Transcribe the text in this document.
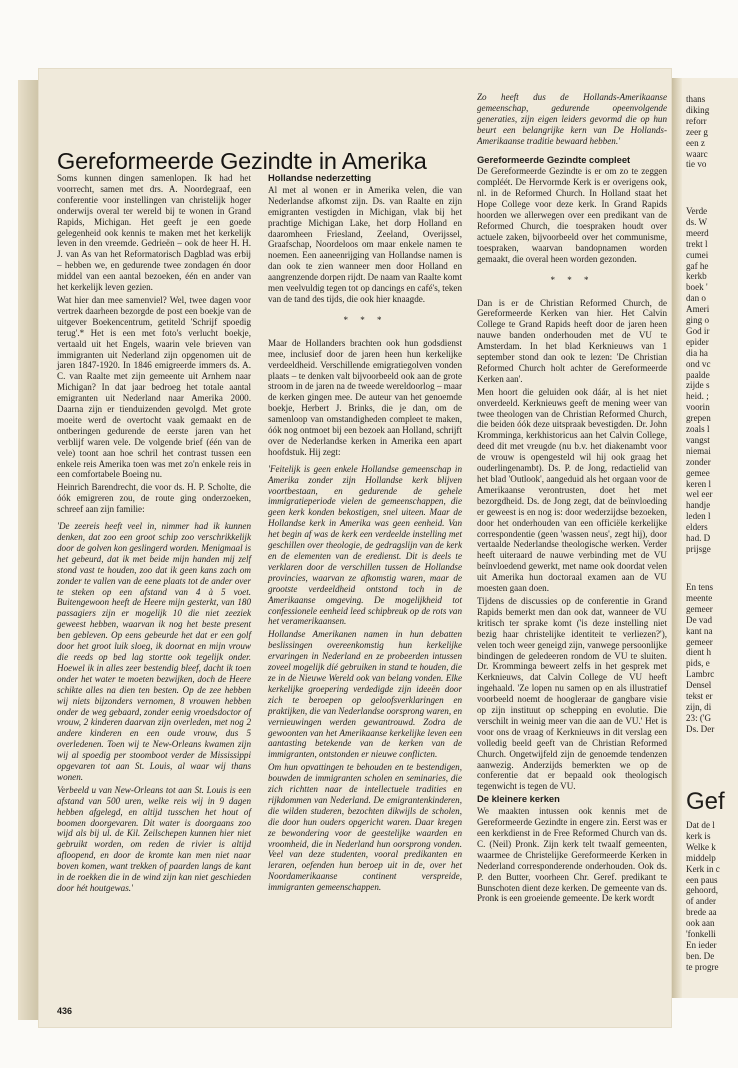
Gereformeerde Gezindte in Amerika

Soms kunnen dingen samenlopen. Ik had het voorrecht, samen met drs. A. Noordegraaf, een conferentie voor instellingen van christelijk hoger onderwijs overal ter wereld bij te wonen in Grand Rapids, Michigan. Het geeft je een goede gelegenheid ook kennis te maken met het kerkelijk leven in den vreemde. Gedrieën – ook de heer H. H. J. van As van het Reformatorisch Dagblad was erbij – hebben we, en gedurende twee zondagen én door middel van een aantal bezoeken, één en ander van het kerkelijk leven gezien.

Wat hier dan mee samenviel? Wel, twee dagen voor vertrek daarheen bezorgde de post een boekje van de uitgever Boekencentrum, getiteld 'Schrijf spoedig terug'.* Het is een met foto's verlucht boekje, vertaald uit het Engels, waarin vele brieven van immigranten uit Nederland zijn opgenomen uit de jaren 1847-1920. In 1846 emigreerde immers ds. A. C. van Raalte met zijn gemeente uit Arnhem naar Michigan? In dat jaar bedroeg het totale aantal emigranten uit Nederland naar Amerika 2000. Daarna zijn er tienduizenden gevolgd. Met grote moeite werd de overtocht vaak gemaakt en de ontberingen gedurende de eerste jaren van het verblijf waren vele. De volgende brief (één van de vele) toont aan hoe schril het contrast tussen een enkele reis Amerika toen was met zo'n enkele reis in een comfortabele Boeing nu.

Heinrich Barendrecht, die voor ds. H. P. Scholte, die óók emigreren zou, de route ging onderzoeken, schreef aan zijn familie:

'De zeereis heeft veel in, nimmer had ik kunnen denken, dat zoo een groot schip zoo verschrikkelijk door de golven kon geslingerd worden. Menigmaal is het gebeurd, dat ik met beide mijn handen mij zelf stond vast te houden, zoo dat ik geen kans zach om zonder te vallen van de eene plaats tot de ander over te steken op een afstand van 4 à 5 voet. Buitengewoon heeft de Heere mijn gesterkt, van 180 passagiers zijn er mogelijk 10 die niet zeeziek geweest hebben, waarvan ik nog het beste present ben gebleven. Op eens gebeurde het dat er een golf door het groot luik sloeg, ik doornat en mijn vrouw die reeds op bed lag stortte ook tegelijk onder. Hoewel ik in alles zeer bestendig bleef, dacht ik toen onder het water te moeten bezwijken, doch de Heere schikte alles na dien ten besten. Op de zee hebben wij niets bijzonders vernomen, 8 vrouwen hebben onder de weg gebaard, zonder eenig vroedsdoctor of vrouw, 2 kinderen daarvan zijn overleden, met nog 2 andere kinderen en een oude vrouw, dus 5 overledenen. Toen wij te New-Orleans kwamen zijn wij al spoedig per stoomboot verder de Mississippi opgevaren tot aan St. Louis, al waar wij thans wonen.

Verbeeld u van New-Orleans tot aan St. Louis is een afstand van 500 uren, welke reis wij in 9 dagen hebben afgelegd, en altijd tusschen het hout of boomen doorgevaren. Dit water is doorgaans zoo wijd als bij ul. de Kil. Zeilschepen kunnen hier niet gebruikt worden, om reden de rivier is altijd afloopend, en door de kromte kan men niet naar boven komen, want trekken of paarden langs de kant in de roekken die in de wind zijn kan niet geschieden door hét houtgewas.'

Hollandse nederzetting

Al met al wonen er in Amerika velen, die van Nederlandse afkomst zijn. Ds. van Raalte en zijn emigranten vestigden in Michigan, vlak bij het prachtige Michigan Lake, het dorp Holland en daaromheen Friesland, Zeeland, Overijssel, Graafschap, Noordeloos om maar enkele namen te noemen. Een aaneenrijging van Hollandse namen is dan ook te zien wanneer men door Holland en aangrenzende dorpen rijdt. De naam van Raalte komt men veelvuldig tegen tot op dancings en café's, teken van de tand des tijds, die ook hier knaagde.

* * *

Maar de Hollanders brachten ook hun godsdienst mee, inclusief door de jaren heen hun kerkelijke verdeeldheid. Verschillende emigratiegolven vonden plaats – te denken valt bijvoorbeeld ook aan de grote stroom in de jaren na de tweede wereldoorlog – maar de kerken gingen mee. De auteur van het genoemde boekje, Herbert J. Brinks, die je dan, om de samenloop van omstandigheden compleet te maken, óók nog ontmoet bij een bezoek aan Holland, schrijft over de Nederlandse kerken in Amerika een apart hoofdstuk. Hij zegt:

'Feitelijk is geen enkele Hollandse gemeenschap in Amerika zonder zijn Hollandse kerk blijven voortbestaan, en gedurende de gehele immigratieperiode vielen de gemeenschappen, die geen kerk konden bekostigen, snel uiteen. Maar de Hollandse kerk in Amerika was geen eenheid. Van het begin af was de kerk een verdeelde instelling met geschillen over theologie, de gedragslijn van de kerk en de elementen van de eredienst. Dit is deels te verklaren door de verschillen tussen de Hollandse provincies, waarvan ze afkomstig waren, maar de grootste verdeeldheid ontstond toch in de Amerikaanse omgeving. De mogelijkheid tot confessionele eenheid leed schipbreuk op de rots van het veramerikaansen.

Hollandse Amerikanen namen in hun debatten beslissingen overeenkomstig hun kerkelijke ervaringen in Nederland en ze probeerden intussen zoveel mogelijk díé gebruiken in stand te houden, die ze in de Nieuwe Wereld ook van belang vonden. Elke kerkelijke groepering verdedigde zijn ideeën door zich te beroepen op geloofsverklaringen en praktijken, die van Nederlandse oorsprong waren, en vernieuwingen werden gewantrouwd. Zodra de gewoonten van het Amerikaanse kerkelijke leven een aantasting betekende van de kerken van de immigranten, ontstonden er nieuwe conflicten.

Om hun opvattingen te behouden en te bestendigen, bouwden de immigranten scholen en seminaries, die zich richtten naar de intellectuele tradities en rijkdommen van Nederland. De emigrantenkinderen, die wilden studeren, bezochten dikwijls de scholen, die door hun ouders opgericht waren. Daar kregen ze bewondering voor de geestelijke waarden en vroomheid, die in Nederland hun oorsprong vonden. Veel van deze studenten, vooral predikanten en leraren, oefenden hun beroep uit in de, over het Noordamerikaanse continent verspreide, immigranten gemeenschappen.

Zo heeft dus de Hollands-Amerikaanse gemeenschap, gedurende opeenvolgende generaties, zijn eigen leiders gevormd die op hun beurt een belangrijke kern van De Hollands-Amerikaanse traditie bewaard hebben.'

Gereformeerde Gezindte compleet

De Gereformeerde Gezindte is er om zo te zeggen compléét. De Hervormde Kerk is er overigens ook, nl. in de Reformed Church. In Holland staat het Hope College voor deze kerk. In Grand Rapids hoorden we allerwegen over een predikant van de Reformed Church, die toespraken houdt over actuele zaken, bijvoorbeeld over het communisme, toespraken, waarvan bandopnamen worden gemaakt, die overal heen worden gezonden.

* * *

Dan is er de Christian Reformed Church, de Gereformeerde Kerken van hier. Het Calvin College te Grand Rapids heeft door de jaren heen nauwe banden onderhouden met de VU te Amsterdam. In het blad Kerknieuws van 1 september stond dan ook te lezen: 'De Christian Reformed Church holt achter de Gereformeerde Kerken aan'.

Men hoort die geluiden ook dáár, al is het niet onverdeeld. Kerknieuws geeft de mening weer van twee theologen van de Christian Reformed Church, die beiden óók deze uitspraak bevestigden. Dr. John Kromminga, kerkhistoricus aan het Calvin College, deed dit met vreugde (nu b.v. het diakenambt voor de vrouw is opengesteld wil hij ook graag het ouderlingenambt). Ds. P. de Jong, redactielid van het blad 'Outlook', aangeduid als het orgaan voor de Amerikaanse verontrusten, doet het met bezorgdheid. Ds. de Jong zegt, dat de beïnvloeding er geweest is en nog is: door wederzijdse bezoeken, door het onderhouden van een officiële kerkelijke correspondentie (geen 'wassen neus', zegt hij), door vertaalde Nederlandse theologische werken. Verder heeft uiteraard de nauwe verbinding met de VU beïnvloedend gewerkt, met name ook doordat velen uit Amerika hun doctoraal examen aan de VU moesten gaan doen.

Tijdens de discussies op de conferentie in Grand Rapids bemerkt men dan ook dat, wanneer de VU kritisch ter sprake komt ('is deze instelling niet bezig haar christelijke identiteit te verliezen?'), velen toch weer geneigd zijn, vanwege persoonlijke bindingen de geledeeren rondom de VU te sluiten. Dr. Kromminga beweert zelfs in het gesprek met Kerknieuws, dat Calvin College de VU heeft ingehaald. 'Ze lopen nu samen op en als illustratief voorbeeld noemt de hoogleraar de gangbare visie op zijn instituut op schepping en evolutie. Die verschilt in weinig meer van die aan de VU.' Het is voor ons de vraag of Kerknieuws in dit verslag een volledig beeld geeft van de Christian Reformed Church. Ongetwijfeld zijn de genoemde tendenzen aanwezig. Anderzijds bemerkten we op de conferentie dat er bepaald ook theologisch tegenwicht is tegen de VU.

De kleinere kerken

We maakten intussen ook kennis met de Gereformeerde Gezindte in engere zin. Eerst was er een kerkdienst in de Free Reformed Church van ds. C. (Neil) Pronk. Zijn kerk telt twaalf gemeenten, waarmee de Christelijke Gereformeerde Kerken in Nederland corresponderende onderhouden. Ook ds. P. den Butter, voorheen Chr. Geref. predikant te Bunschoten dient deze kerken. De gemeente van ds. Pronk is een groeiende gemeente. De kerk wordt

436
thans
diking
reforr
zeer g
een z
waarc
tie vo
Verde
ds. W
meerd
trekt l
cumei
gaf he
kerkb
boek '
dan o
Ameri
ging o
God ir
epider
dia ha
ond vc
paalde
zijde s
heid. ;
voorin
grepen
zoals l
vangst
niemai
zonder
gemee
keren l
wel eer
handje
leden l
elders
had. D
prijsge
En tens
meente
gemeer
De vad
kant na
gemeer
dient h
pids, e
Lambrc
Densel
tekst er
zijn, di
23: ('G
Ds. Der
Gef
Dat de l
kerk is
Welke k
middelp
Kerk in c
een paus
gehoord,
of ander
brede aa
ook aan
'fonkelli
En ieder
ben. De
te progre
